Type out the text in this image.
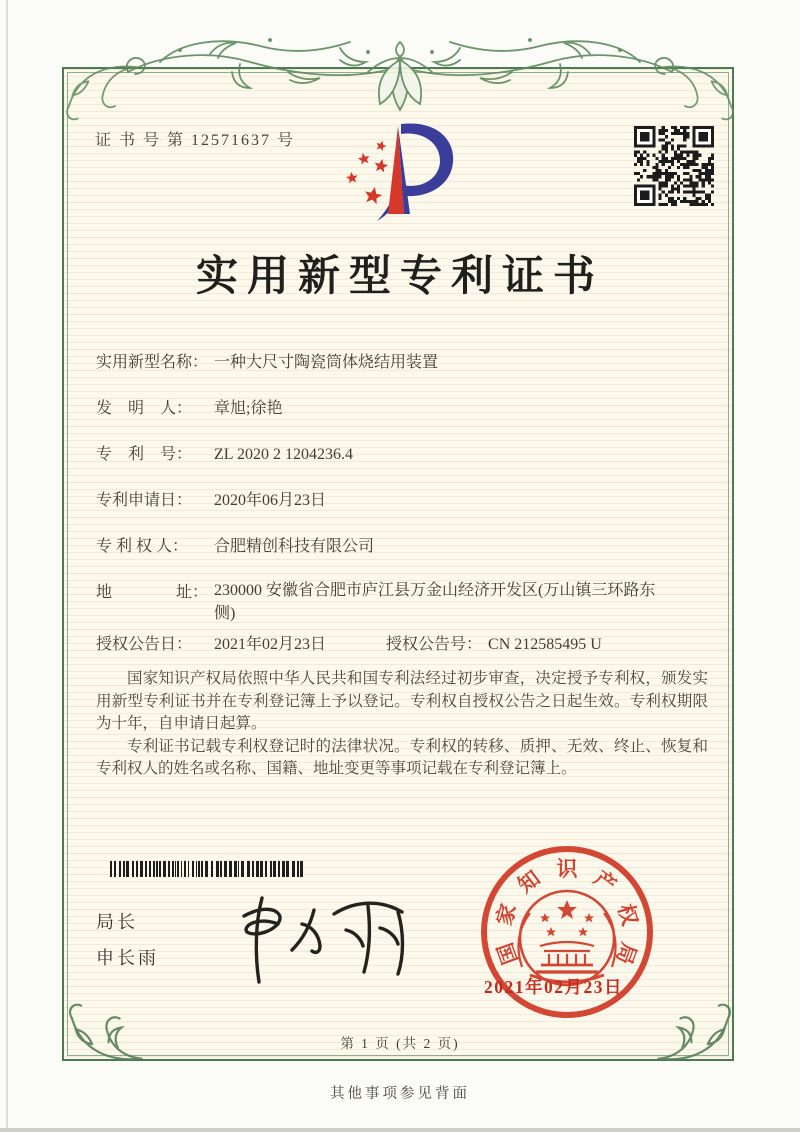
证 书 号 第 12571637 号
实用新型专利证书
实用新型名称： 一种大尺寸陶瓷筒体烧结用装置
发　明　人： 章旭;徐艳
专　利　号： ZL 2020 2 1204236.4
专利申请日： 2020年06月23日
专 利 权 人： 合肥精创科技有限公司
地　　　　址： 230000 安徽省合肥市庐江县万金山经济开发区(万山镇三环路东侧)
授权公告日： 2021年02月23日	授权公告号： CN 212585495 U

国家知识产权局依照中华人民共和国专利法经过初步审查，决定授予专利权，颁发实用新型专利证书并在专利登记簿上予以登记。专利权自授权公告之日起生效。专利权期限为十年，自申请日起算。

专利证书记载专利权登记时的法律状况。专利权的转移、质押、无效、终止、恢复和专利权人的姓名或名称、国籍、地址变更等事项记载在专利登记簿上。

局长
申长雨	国
家
知 识 产
权
局
2021年02月23日
第 1 页 (共 2 页)
其他事项参见背面
